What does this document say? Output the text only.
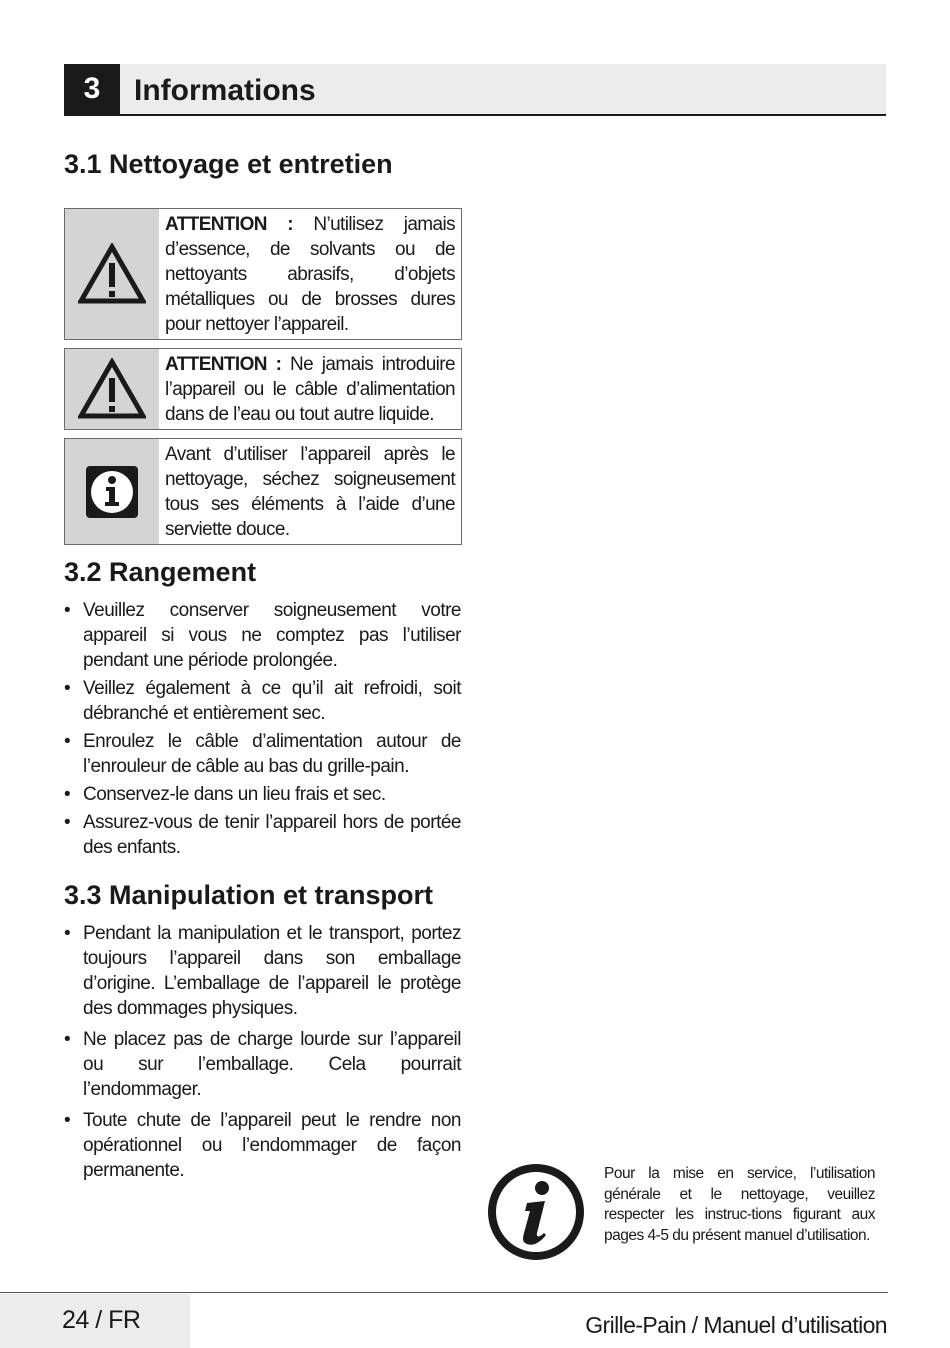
3	Informations
3.1 Nettoyage et entretien
ATTENTION : N’utilisez jamais d’essence, de solvants ou de nettoyants abrasifs, d’objets métalliques ou de brosses dures pour nettoyer l’appareil.
ATTENTION : Ne jamais introduire l’appareil ou le câble d’alimentation dans de l’eau ou tout autre liquide.
Avant d’utiliser l’appareil après le nettoyage, séchez soigneusement tous ses éléments à l’aide d’une serviette douce.
3.2 Rangement
• Veuillez conserver soigneusement votre appareil si vous ne comptez pas l’utiliser pendant une période prolongée.
• Veillez également à ce qu’il ait refroidi, soit débranché et entièrement sec.
• Enroulez le câble d’alimentation autour de l’enrouleur de câble au bas du grille-pain.
• Conservez-le dans un lieu frais et sec.
• Assurez-vous de tenir l’appareil hors de portée des enfants.
3.3 Manipulation et transport
• Pendant la manipulation et le transport, portez toujours l’appareil dans son emballage d’origine. L’emballage de l’appareil le protège des dommages physiques.
• Ne placez pas de charge lourde sur l’appareil ou sur l’emballage. Cela pourrait l’endommager.
• Toute chute de l’appareil peut le rendre non opérationnel ou l’endommager de façon permanente.	Pour la mise en service, l’utilisation générale et le nettoyage, veuillez respecter les instruc-tions figurant aux pages 4-5 du présent manuel d’utilisation.
24 / FR	Grille-Pain / Manuel d’utilisation
